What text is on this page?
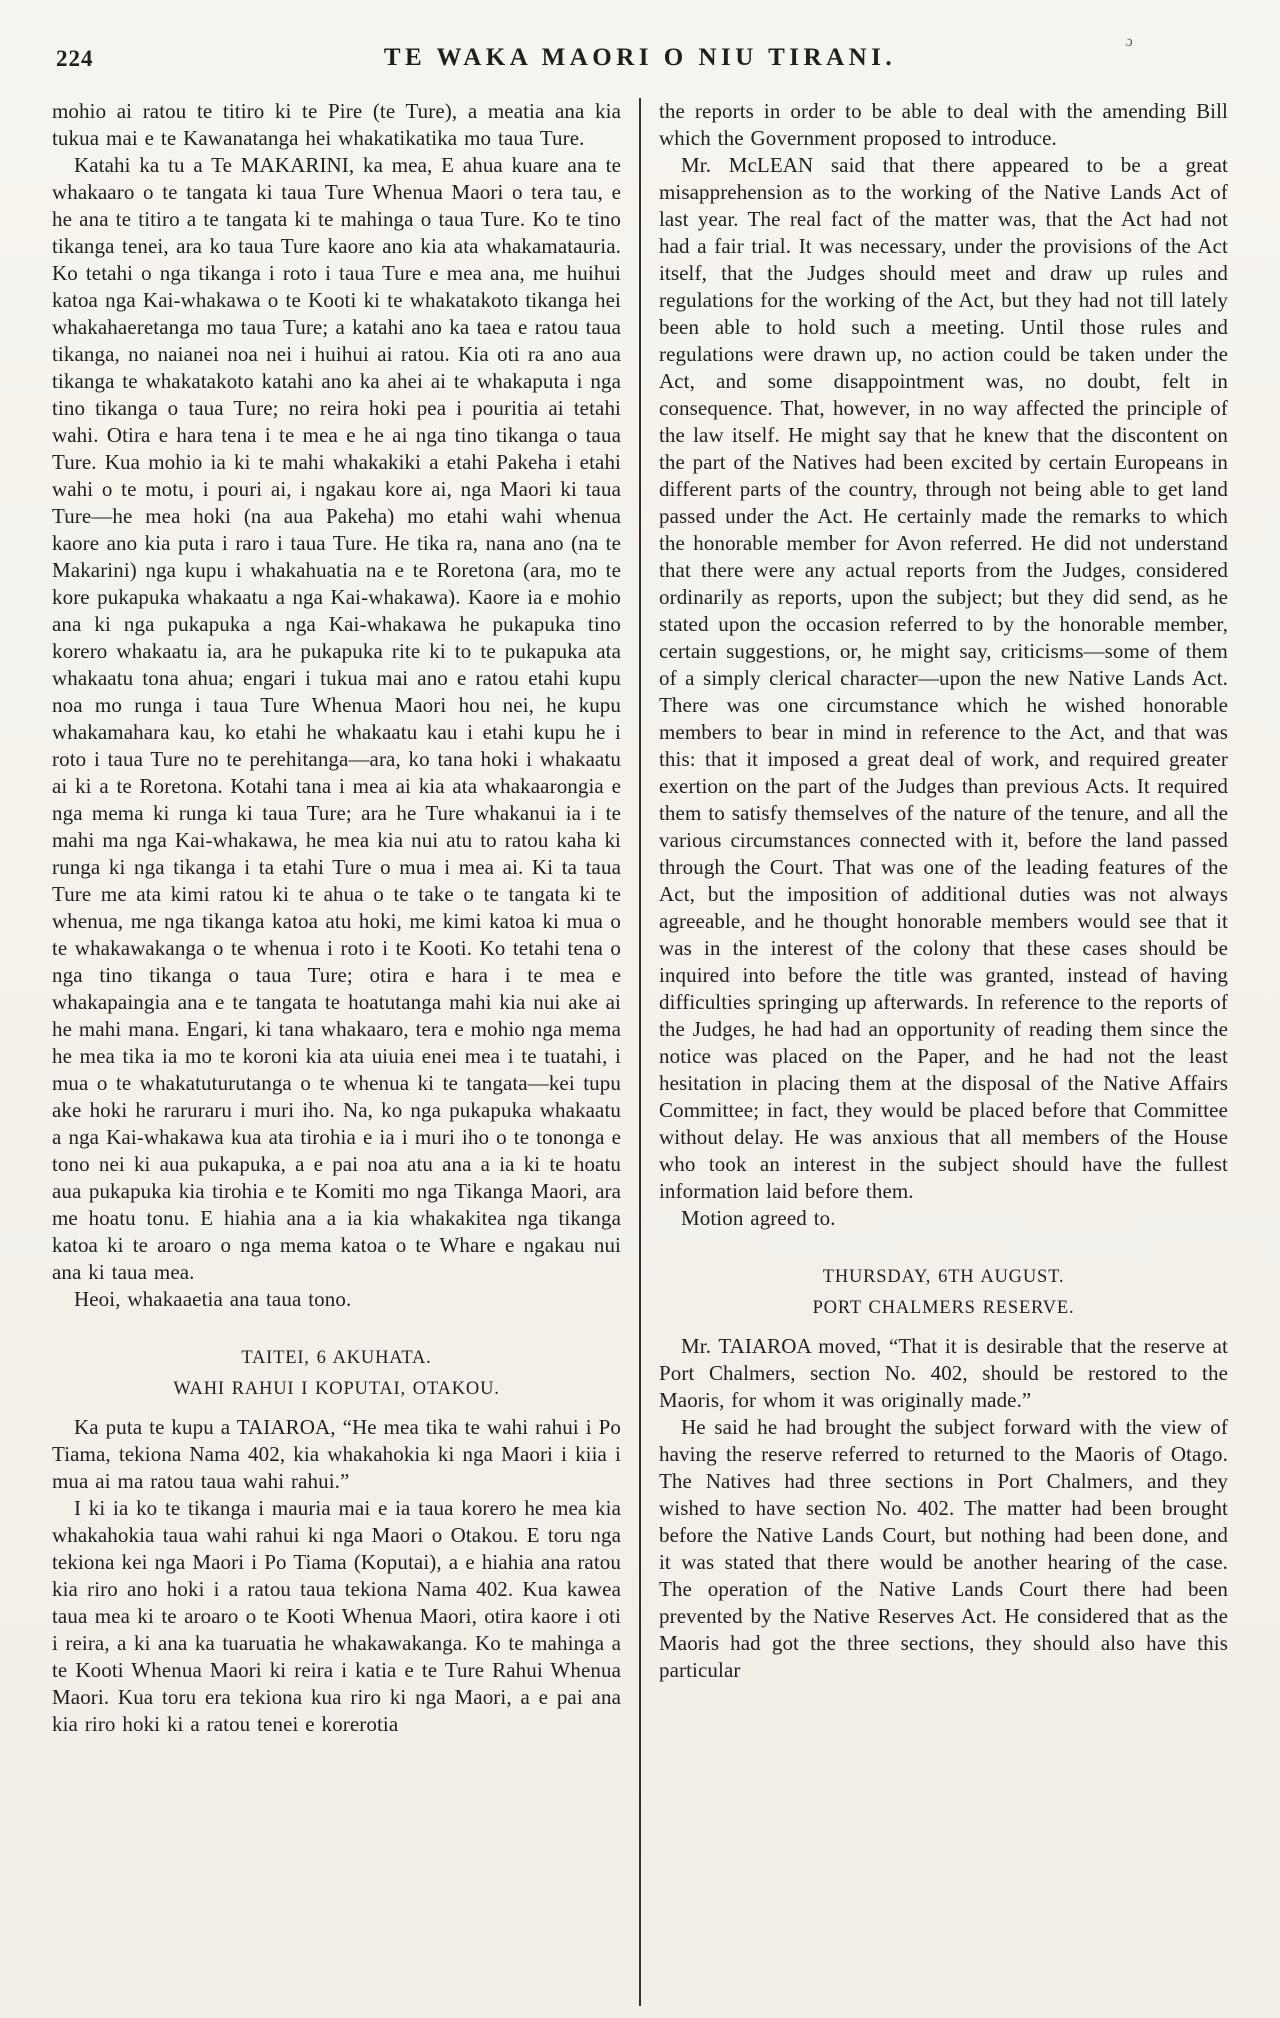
224	TE WAKA MAORI O NIU TIRANI.
ɔ

mohio ai ratou te titiro ki te Pire (te Ture), a meatia ana kia tukua mai e te Kawanatanga hei whakatikatika mo taua Ture.

Katahi ka tu a Te MAKARINI, ka mea, E ahua kuare ana te whakaaro o te tangata ki taua Ture Whenua Maori o tera tau, e he ana te titiro a te tangata ki te mahinga o taua Ture. Ko te tino tikanga tenei, ara ko taua Ture kaore ano kia ata whakamatauria. Ko tetahi o nga tikanga i roto i taua Ture e mea ana, me huihui katoa nga Kai-whakawa o te Kooti ki te whakatakoto tikanga hei whakahaeretanga mo taua Ture; a katahi ano ka taea e ratou taua tikanga, no naianei noa nei i huihui ai ratou. Kia oti ra ano aua tikanga te whakatakoto katahi ano ka ahei ai te whakaputa i nga tino tikanga o taua Ture; no reira hoki pea i pouritia ai tetahi wahi. Otira e hara tena i te mea e he ai nga tino tikanga o taua Ture. Kua mohio ia ki te mahi whakakiki a etahi Pakeha i etahi wahi o te motu, i pouri ai, i ngakau kore ai, nga Maori ki taua Ture—he mea hoki (na aua Pakeha) mo etahi wahi whenua kaore ano kia puta i raro i taua Ture. He tika ra, nana ano (na te Makarini) nga kupu i whakahuatia na e te Roretona (ara, mo te kore pukapuka whakaatu a nga Kai-whakawa). Kaore ia e mohio ana ki nga pukapuka a nga Kai-whakawa he pukapuka tino korero whakaatu ia, ara he pukapuka rite ki to te pukapuka ata whakaatu tona ahua; engari i tukua mai ano e ratou etahi kupu noa mo runga i taua Ture Whenua Maori hou nei, he kupu whakamahara kau, ko etahi he whakaatu kau i etahi kupu he i roto i taua Ture no te perehitanga—ara, ko tana hoki i whakaatu ai ki a te Roretona. Kotahi tana i mea ai kia ata whakaarongia e nga mema ki runga ki taua Ture; ara he Ture whakanui ia i te mahi ma nga Kai-whakawa, he mea kia nui atu to ratou kaha ki runga ki nga tikanga i ta etahi Ture o mua i mea ai. Ki ta taua Ture me ata kimi ratou ki te ahua o te take o te tangata ki te whenua, me nga tikanga katoa atu hoki, me kimi katoa ki mua o te whakawakanga o te whenua i roto i te Kooti. Ko tetahi tena o nga tino tikanga o taua Ture; otira e hara i te mea e whakapaingia ana e te tangata te hoatutanga mahi kia nui ake ai he mahi mana. Engari, ki tana whakaaro, tera e mohio nga mema he mea tika ia mo te koroni kia ata uiuia enei mea i te tuatahi, i mua o te whakatuturutanga o te whenua ki te tangata—kei tupu ake hoki he raruraru i muri iho. Na, ko nga pukapuka whakaatu a nga Kai-whakawa kua ata tirohia e ia i muri iho o te tononga e tono nei ki aua pukapuka, a e pai noa atu ana a ia ki te hoatu aua pukapuka kia tirohia e te Komiti mo nga Tikanga Maori, ara me hoatu tonu. E hiahia ana a ia kia whakakitea nga tikanga katoa ki te aroaro o nga mema katoa o te Whare e ngakau nui ana ki taua mea.

Heoi, whakaaetia ana taua tono.

TAITEI, 6 AKUHATA.
WAHI RAHUI I KOPUTAI, OTAKOU.

Ka puta te kupu a TAIAROA, “He mea tika te wahi rahui i Po Tiama, tekiona Nama 402, kia whakahokia ki nga Maori i kiia i mua ai ma ratou taua wahi rahui.”

I ki ia ko te tikanga i mauria mai e ia taua korero he mea kia whakahokia taua wahi rahui ki nga Maori o Otakou. E toru nga tekiona kei nga Maori i Po Tiama (Koputai), a e hiahia ana ratou kia riro ano hoki i a ratou taua tekiona Nama 402. Kua kawea taua mea ki te aroaro o te Kooti Whenua Maori, otira kaore i oti i reira, a ki ana ka tuaruatia he whakawakanga. Ko te mahinga a te Kooti Whenua Maori ki reira i katia e te Ture Rahui Whenua Maori. Kua toru era tekiona kua riro ki nga Maori, a e pai ana kia riro hoki ki a ratou tenei e korerotia

the reports in order to be able to deal with the amending Bill which the Government proposed to introduce.

Mr. McLEAN said that there appeared to be a great misapprehension as to the working of the Native Lands Act of last year. The real fact of the matter was, that the Act had not had a fair trial. It was necessary, under the provisions of the Act itself, that the Judges should meet and draw up rules and regulations for the working of the Act, but they had not till lately been able to hold such a meeting. Until those rules and regulations were drawn up, no action could be taken under the Act, and some disappointment was, no doubt, felt in consequence. That, however, in no way affected the principle of the law itself. He might say that he knew that the discontent on the part of the Natives had been excited by certain Europeans in different parts of the country, through not being able to get land passed under the Act. He certainly made the remarks to which the honorable member for Avon referred. He did not understand that there were any actual reports from the Judges, considered ordinarily as reports, upon the subject; but they did send, as he stated upon the occasion referred to by the honorable member, certain suggestions, or, he might say, criticisms—some of them of a simply clerical character—upon the new Native Lands Act. There was one circumstance which he wished honorable members to bear in mind in reference to the Act, and that was this: that it imposed a great deal of work, and required greater exertion on the part of the Judges than previous Acts. It required them to satisfy themselves of the nature of the tenure, and all the various circumstances connected with it, before the land passed through the Court. That was one of the leading features of the Act, but the imposition of additional duties was not always agreeable, and he thought honorable members would see that it was in the interest of the colony that these cases should be inquired into before the title was granted, instead of having difficulties springing up afterwards. In reference to the reports of the Judges, he had had an opportunity of reading them since the notice was placed on the Paper, and he had not the least hesitation in placing them at the disposal of the Native Affairs Committee; in fact, they would be placed before that Committee without delay. He was anxious that all members of the House who took an interest in the subject should have the fullest information laid before them.

Motion agreed to.

THURSDAY, 6TH AUGUST.
PORT CHALMERS RESERVE.

Mr. TAIAROA moved, “That it is desirable that the reserve at Port Chalmers, section No. 402, should be restored to the Maoris, for whom it was originally made.”

He said he had brought the subject forward with the view of having the reserve referred to returned to the Maoris of Otago. The Natives had three sections in Port Chalmers, and they wished to have section No. 402. The matter had been brought before the Native Lands Court, but nothing had been done, and it was stated that there would be another hearing of the case. The operation of the Native Lands Court there had been prevented by the Native Reserves Act. He considered that as the Maoris had got the three sections, they should also have this particular
